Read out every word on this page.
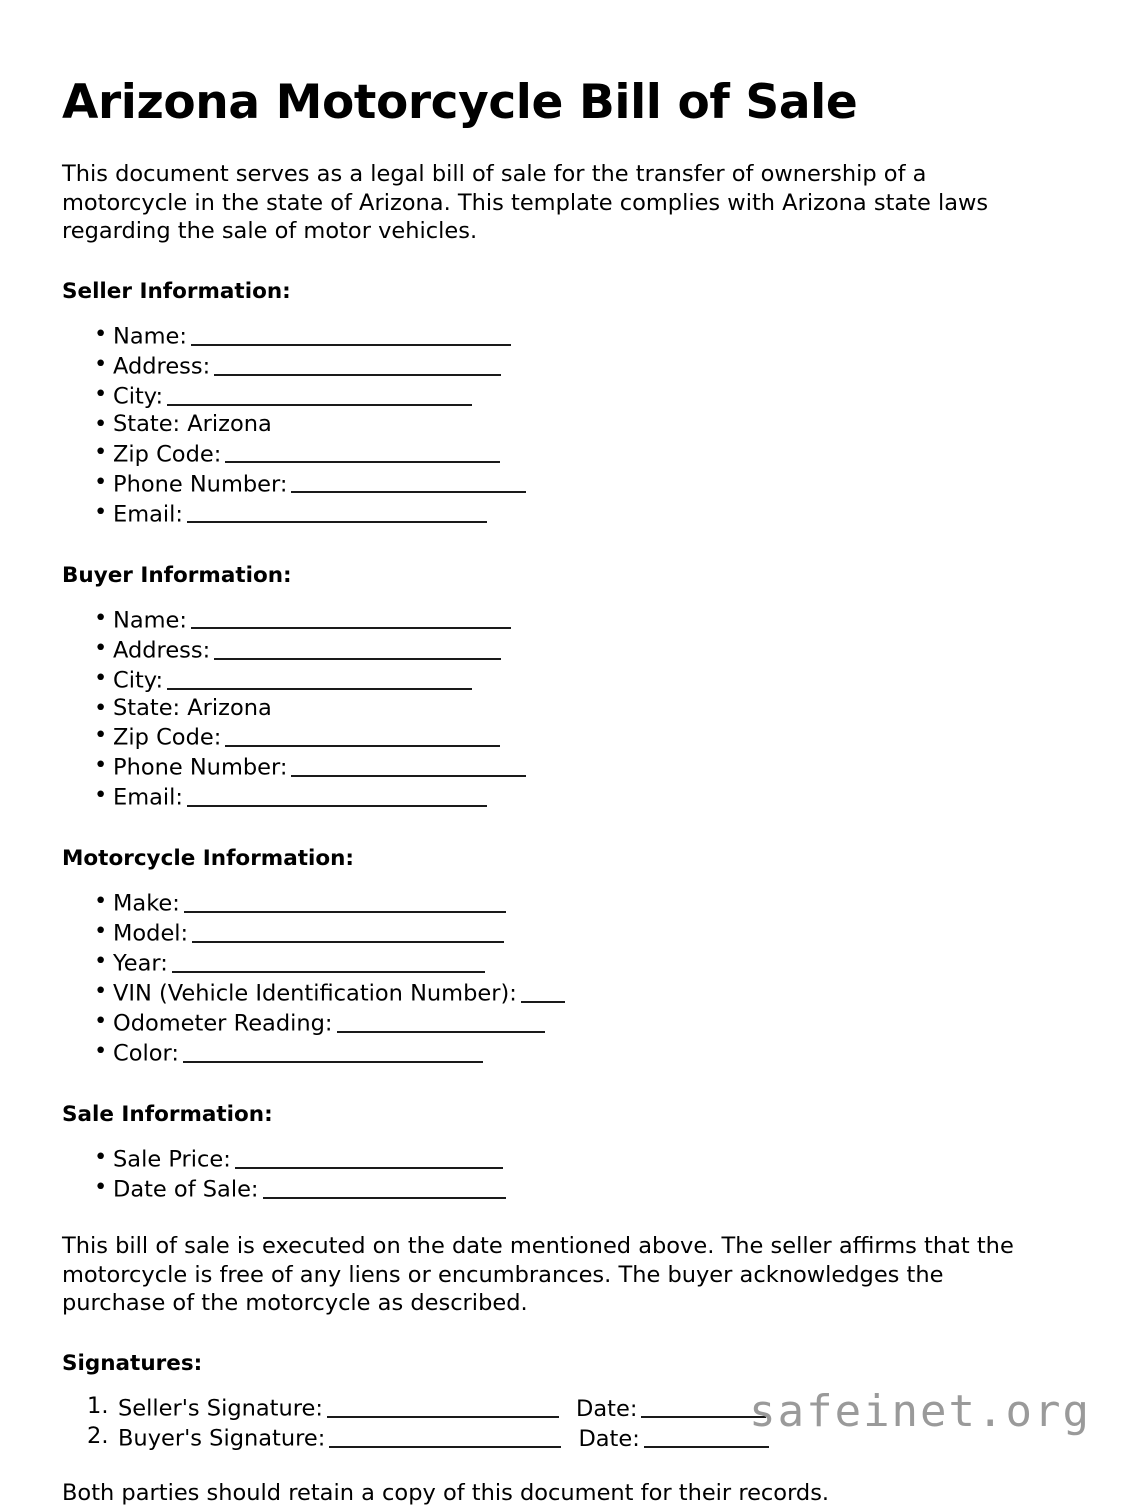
Arizona Motorcycle Bill of Sale

This document serves as a legal bill of sale for the transfer of ownership of a motorcycle in the state of Arizona. This template complies with Arizona state laws regarding the sale of motor vehicles.

Seller Information:
• Name:
• Address:
• City:
• State: Arizona
• Zip Code:
• Phone Number:
• Email:
Buyer Information:
• Name:
• Address:
• City:
• State: Arizona
• Zip Code:
• Phone Number:
• Email:
Motorcycle Information:
• Make:
• Model:
• Year:
• VIN (Vehicle Identification Number):
• Odometer Reading:
• Color:
Sale Information:
• Sale Price:
• Date of Sale:

This bill of sale is executed on the date mentioned above. The seller affirms that the motorcycle is free of any liens or encumbrances. The buyer acknowledges the purchase of the motorcycle as described.

Signatures:
1. Seller's Signature:	Date:
2. Buyer's Signature:	Date:

Both parties should retain a copy of this document for their records.

safeinet.org
